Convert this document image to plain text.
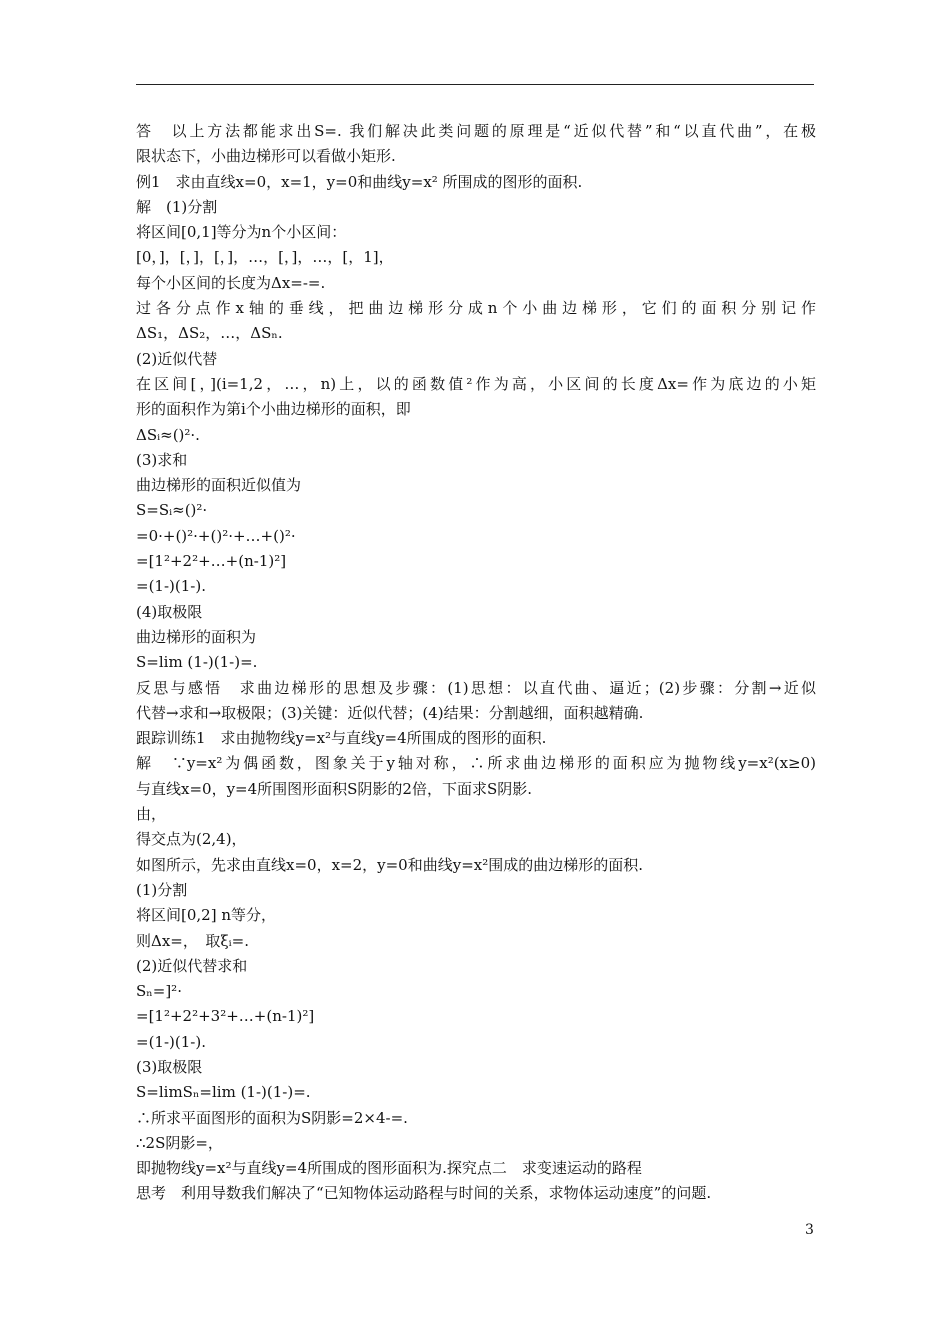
答　以上方法都能求出S=. 我们解决此类问题的原理是“近似代替”和“以直代曲”，在极
限状态下，小曲边梯形可以看做小矩形.
例1　求由直线x=0，x=1，y=0和曲线y=x² 所围成的图形的面积.
解　(1)分割
将区间[0,1]等分为n个小区间：
[0，]，[，]，[，]，…，[，]，…，[，1]，
每个小区间的长度为Δx=-=.
过各分点作x轴的垂线，把曲边梯形分成n个小曲边梯形，它们的面积分别记作
ΔS₁，ΔS₂，…，ΔSₙ.
(2)近似代替
在区间[，](i=1,2，…，n)上，以的函数值²作为高，小区间的长度Δx=作为底边的小矩
形的面积作为第i个小曲边梯形的面积，即
ΔSᵢ≈()²·.
(3)求和
曲边梯形的面积近似值为
S=Sᵢ≈()²·
=0·+()²·+()²·+…+()²·
=[1²+2²+…+(n-1)²]
=(1-)(1-).
(4)取极限
曲边梯形的面积为
S=lim (1-)(1-)=.
反思与感悟　求曲边梯形的思想及步骤：(1)思想：以直代曲、逼近；(2)步骤：分割→近似
代替→求和→取极限；(3)关键：近似代替；(4)结果：分割越细，面积越精确.
跟踪训练1　求由抛物线y=x²与直线y=4所围成的图形的面积.
解　∵y=x²为偶函数，图象关于y轴对称，∴所求曲边梯形的面积应为抛物线y=x²(x≥0)
与直线x=0，y=4所围图形面积S阴影的2倍，下面求S阴影.
由，
得交点为(2,4)，
如图所示，先求由直线x=0，x=2，y=0和曲线y=x²围成的曲边梯形的面积.
(1)分割
将区间[0,2] n等分，
则Δx=，　取ξᵢ=.
(2)近似代替求和
Sₙ=]²·
=[1²+2²+3²+…+(n-1)²]
=(1-)(1-).
(3)取极限
S=limSₙ=lim (1-)(1-)=.
∴所求平面图形的面积为S阴影=2×4-=.
∴2S阴影=，
即抛物线y=x²与直线y=4所围成的图形面积为.探究点二　求变速运动的路程
思考　利用导数我们解决了“已知物体运动路程与时间的关系，求物体运动速度”的问题.
3
